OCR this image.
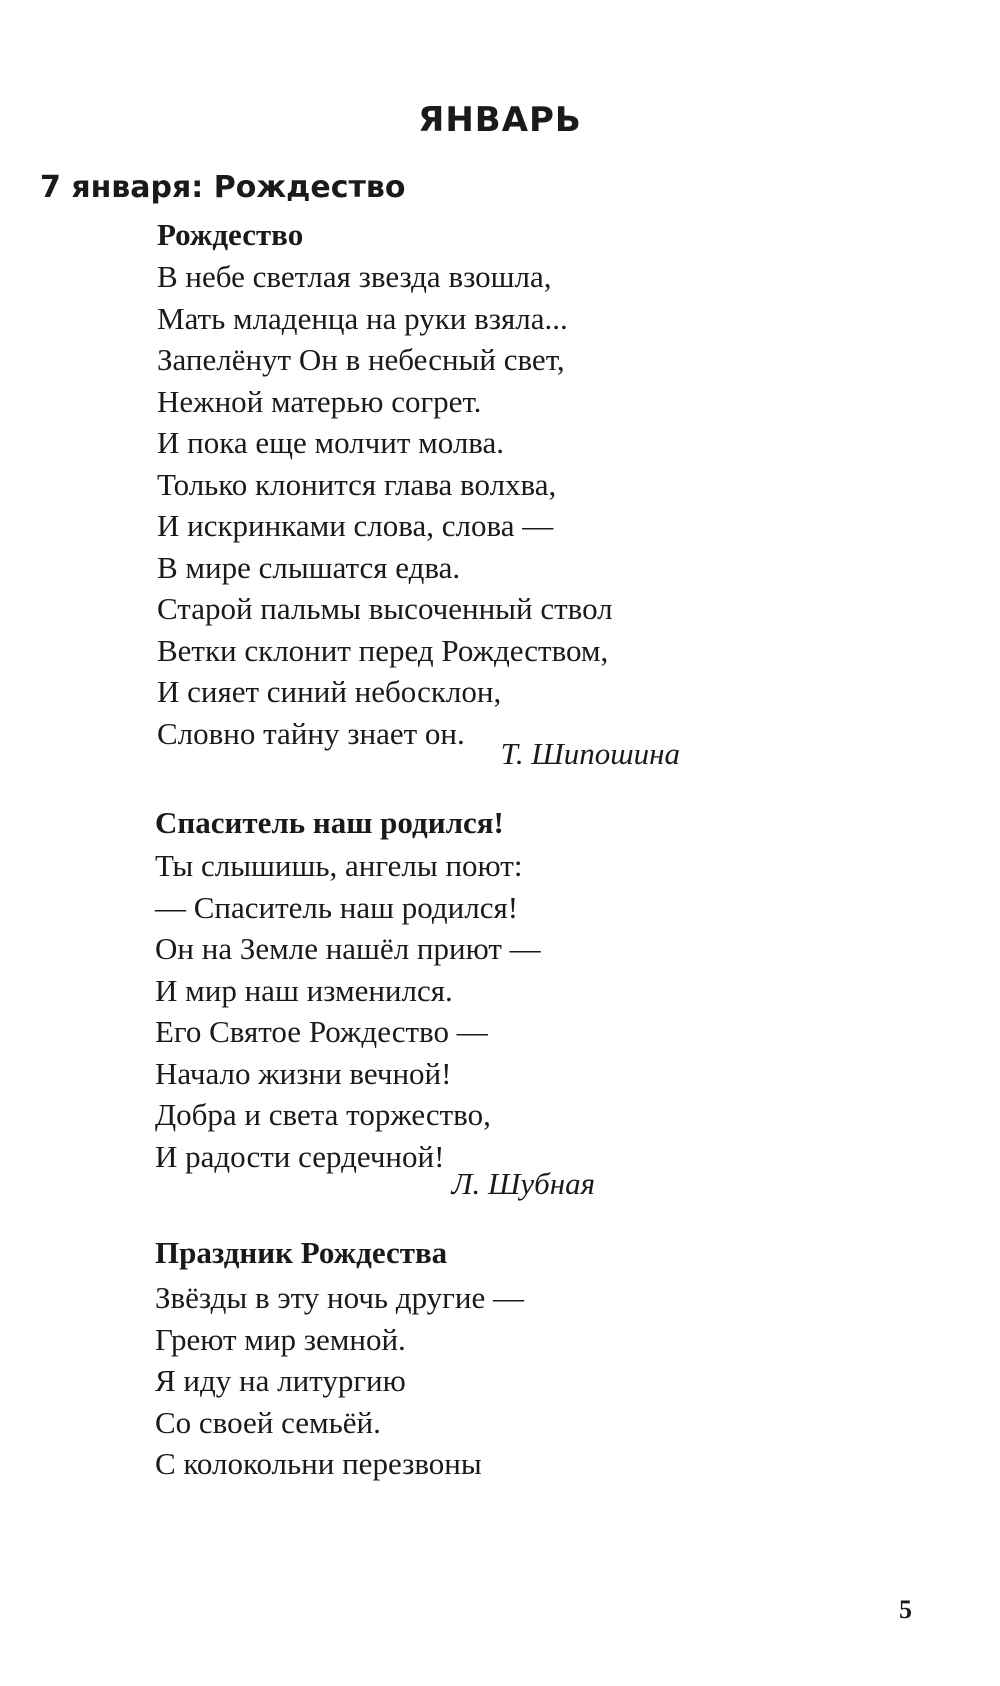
ЯНВАРЬ
7 января: Рождество
Рождество
В небе светлая звезда взошла,
Мать младенца на руки взяла...
Запелёнут Он в небесный свет,
Нежной матерью согрет.
И пока еще молчит молва.
Только клонится глава волхва,
И искринками слова, слова —
В мире слышатся едва.
Старой пальмы высоченный ствол
Ветки склонит перед Рождеством,
И сияет синий небосклон,
Словно тайну знает он.
Т. Шипошина
Спаситель наш родился!
Ты слышишь, ангелы поют:
— Спаситель наш родился!
Он на Земле нашёл приют —
И мир наш изменился.
Его Святое Рождество —
Начало жизни вечной!
Добра и света торжество,
И радости сердечной!
Л. Шубная
Праздник Рождества
Звёзды в эту ночь другие —
Греют мир земной.
Я иду на литургию
Со своей семьёй.
С колокольни перезвоны
5
